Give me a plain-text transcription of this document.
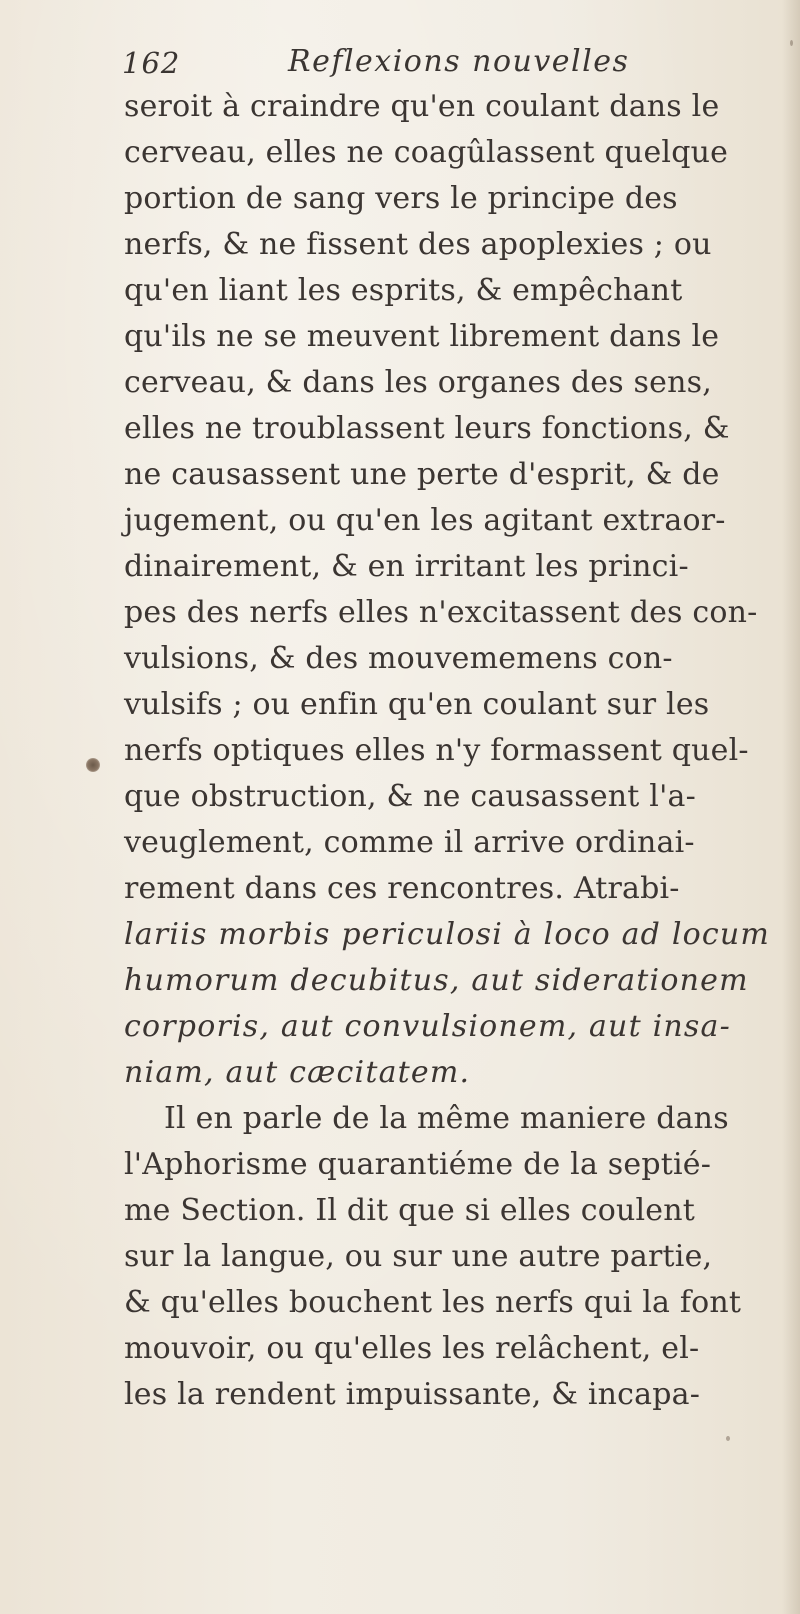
162	Reflexions nouvelles
seroit à craindre qu'en coulant dans le
cerveau, elles ne coagûlassent quelque
portion de sang vers le principe des
nerfs, & ne fissent des apoplexies ; ou
qu'en liant les esprits, & empêchant
qu'ils ne se meuvent librement dans le
cerveau, & dans les organes des sens,
elles ne troublassent leurs fonctions, &
ne causassent une perte d'esprit, & de
jugement, ou qu'en les agitant extraor-
dinairement, & en irritant les princi-
pes des nerfs elles n'excitassent des con-
vulsions, & des mouvememens con-
vulsifs ; ou enfin qu'en coulant sur les
nerfs optiques elles n'y formassent quel-
que obstruction, & ne causassent l'a-
veuglement, comme il arrive ordinai-
rement dans ces rencontres. Atrabi-
lariis morbis periculosi à loco ad locum
humorum decubitus, aut siderationem
corporis, aut convulsionem, aut insa-
niam, aut cæcitatem.
Il en parle de la même maniere dans
l'Aphorisme quarantiéme de la septié-
me Section. Il dit que si elles coulent
sur la langue, ou sur une autre partie,
& qu'elles bouchent les nerfs qui la font
mouvoir, ou qu'elles les relâchent, el-
les la rendent impuissante, & incapa-
